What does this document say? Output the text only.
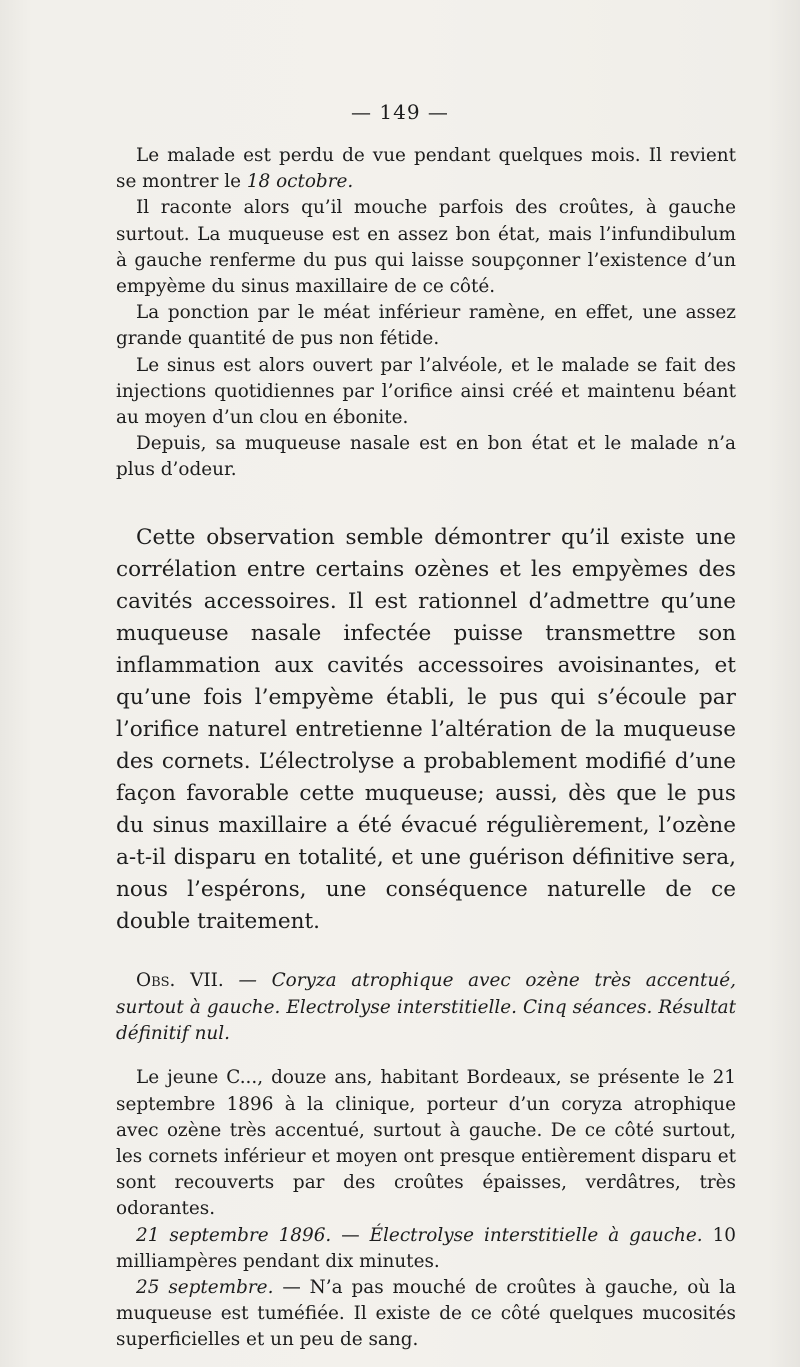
— 149 —

Le malade est perdu de vue pendant quelques mois. Il revient se montrer le 18 octobre.

Il raconte alors qu’il mouche parfois des croûtes, à gauche surtout. La muqueuse est en assez bon état, mais l’infundibulum à gauche renferme du pus qui laisse soupçonner l’existence d’un empyème du sinus maxillaire de ce côté.

La ponction par le méat inférieur ramène, en effet, une assez grande quantité de pus non fétide.

Le sinus est alors ouvert par l’alvéole, et le malade se fait des injections quotidiennes par l’orifice ainsi créé et maintenu béant au moyen d’un clou en ébonite.

Depuis, sa muqueuse nasale est en bon état et le malade n’a plus d’odeur.

Cette observation semble démontrer qu’il existe une corrélation entre certains ozènes et les empyèmes des cavités accessoires. Il est rationnel d’admettre qu’une muqueuse nasale infectée puisse transmettre son inflammation aux cavités accessoires avoisinantes, et qu’une fois l’empyème établi, le pus qui s’écoule par l’orifice naturel entretienne l’altération de la muqueuse des cornets. L’électrolyse a probablement modifié d’une façon favorable cette muqueuse; aussi, dès que le pus du sinus maxillaire a été évacué régulièrement, l’ozène a-t-il disparu en totalité, et une guérison définitive sera, nous l’espérons, une conséquence naturelle de ce double traitement.

Obs. VII. — Coryza atrophique avec ozène très accentué, surtout à gauche. Electrolyse interstitielle. Cinq séances. Résultat définitif nul.

Le jeune C..., douze ans, habitant Bordeaux, se présente le 21 septembre 1896 à la clinique, porteur d’un coryza atrophique avec ozène très accentué, surtout à gauche. De ce côté surtout, les cornets inférieur et moyen ont presque entièrement disparu et sont recouverts par des croûtes épaisses, verdâtres, très odorantes.

21 septembre 1896. — Électrolyse interstitielle à gauche. 10 milliampères pendant dix minutes.

25 septembre. — N’a pas mouché de croûtes à gauche, où la muqueuse est tuméfiée. Il existe de ce côté quelques mucosités superficielles et un peu de sang.
